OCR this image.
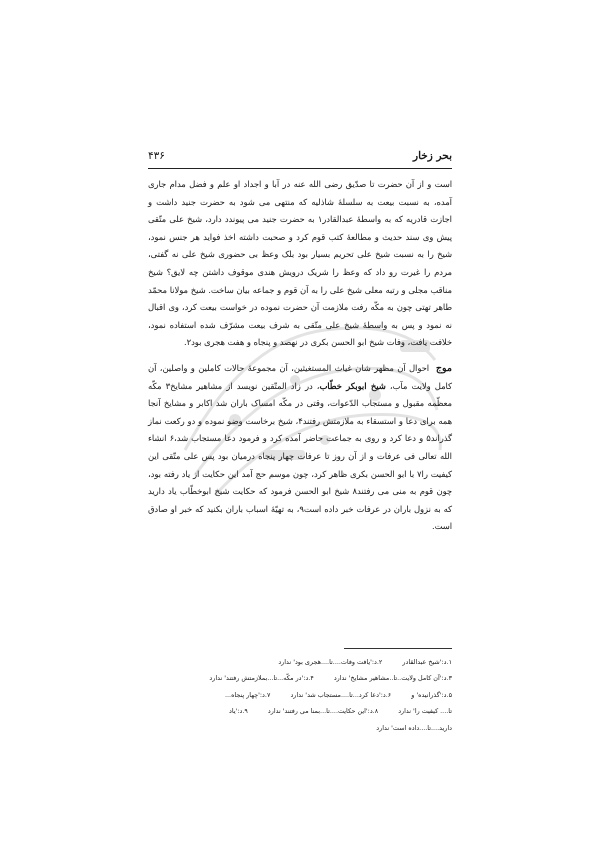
بحر زخار
۴۳۶

است و از آن حضرت تا صدّیق رضی الله عنه در آبا و اجداد او علم و فضل مدام جاری آمده، به نسبت بیعت به سلسلهٔ شاذلیه که منتهی می شود به حضرت جنید داشت و اجازت قادریه که به واسطهٔ عبدالقادر۱ به حضرت جنید می پیوندد دارد، شیخ علی متّقی پیش وی سند حدیث و مطالعهٔ کتب قوم کرد و صحبت داشته اخذ فواید هر جنس نمود، شیخ را به نسبت شیخ علی تحریم بسیار بود بلک وعظ بی حضوری شیخ علی نه گفتی، مردم را غیرت رو داد که وعظ را شریک درویش هندی موقوف داشتن چه لایق؟ شیخ مناقب مجلی و رتبه معلی شیخ علی را به آن قوم و جماعه بیان ساخت. شیخ مولانا محمّد طاهر تهتی چون به مکّه رفت ملازمت آن حضرت نموده در خواست بیعت کرد، وی اقبال نه نمود و پس به واسطهٔ شیخ علی متّقی به شرف بیعت مشرّف شده استفاده نمود، خلافت یافت، وفات شیخ ابو الحسن بکری در نهصد و پنجاه و هفت هجری بود۲.

موج  احوال آن مظهر شان غیاث المستغیثین، آن مجموعهٔ حالات کاملین و واصلین، آن کامل ولایت مآب، شیخ ابوبکر خطّاب، در زاد المتّقین نویسد از مشاهیر مشایخ۳ مکّه معظّمه مقبول و مستجاب الدّعوات، وقتی در مکّه امساک باران شد اکابر و مشایخ آنجا همه برای دعا و استسقاء به ملازمتش رفتند۴، شیخ برخاست وضو نموده و دو رکعت نماز گذراند۵ و دعا کرد و روی به جماعت حاضر آمده کرد و فرمود دعا مستجاب شد،۶ انشاء الله تعالی فی عرفات و از آن روز تا عرفات چهار پنجاه درمیان بود پس علی متّقی این کیفیت را۷ با ابو الحسن بکری ظاهر کرد، چون موسم حج آمد این حکایت از یاد رفته بود، چون قوم به منی می رفتند۸ شیخ ابو الحسن فرمود که حکایت شیخ ابوخطّاب یاد دارید که به نزول باران در عرفات خبر داده است۹، به تهیّهٔ اسباب باران بکنید که خبر او صادق است.

۱.د:'شیخ عبدالقادر ۲.د:'یافت وفات....تا....هجری بود' ندارد
۳.د:'آن کامل ولایت..تا..مشاهیر مشایخ' ندارد ۴.د:'در مکّه...تا...بملازمتش رفتند' ندارد
۵.د:'گذرانیده' و ۶.د:'دعا کرد...تا....مستجاب شد' ندارد ۷.د:'چهار پنجاه...
تا.... کیفیت را' ندارد ۸.د:'این حکایت....تا...بمنا می رفتند' ندارد ۹.د:'یاد
دارید....تا....داده است' ندارد
